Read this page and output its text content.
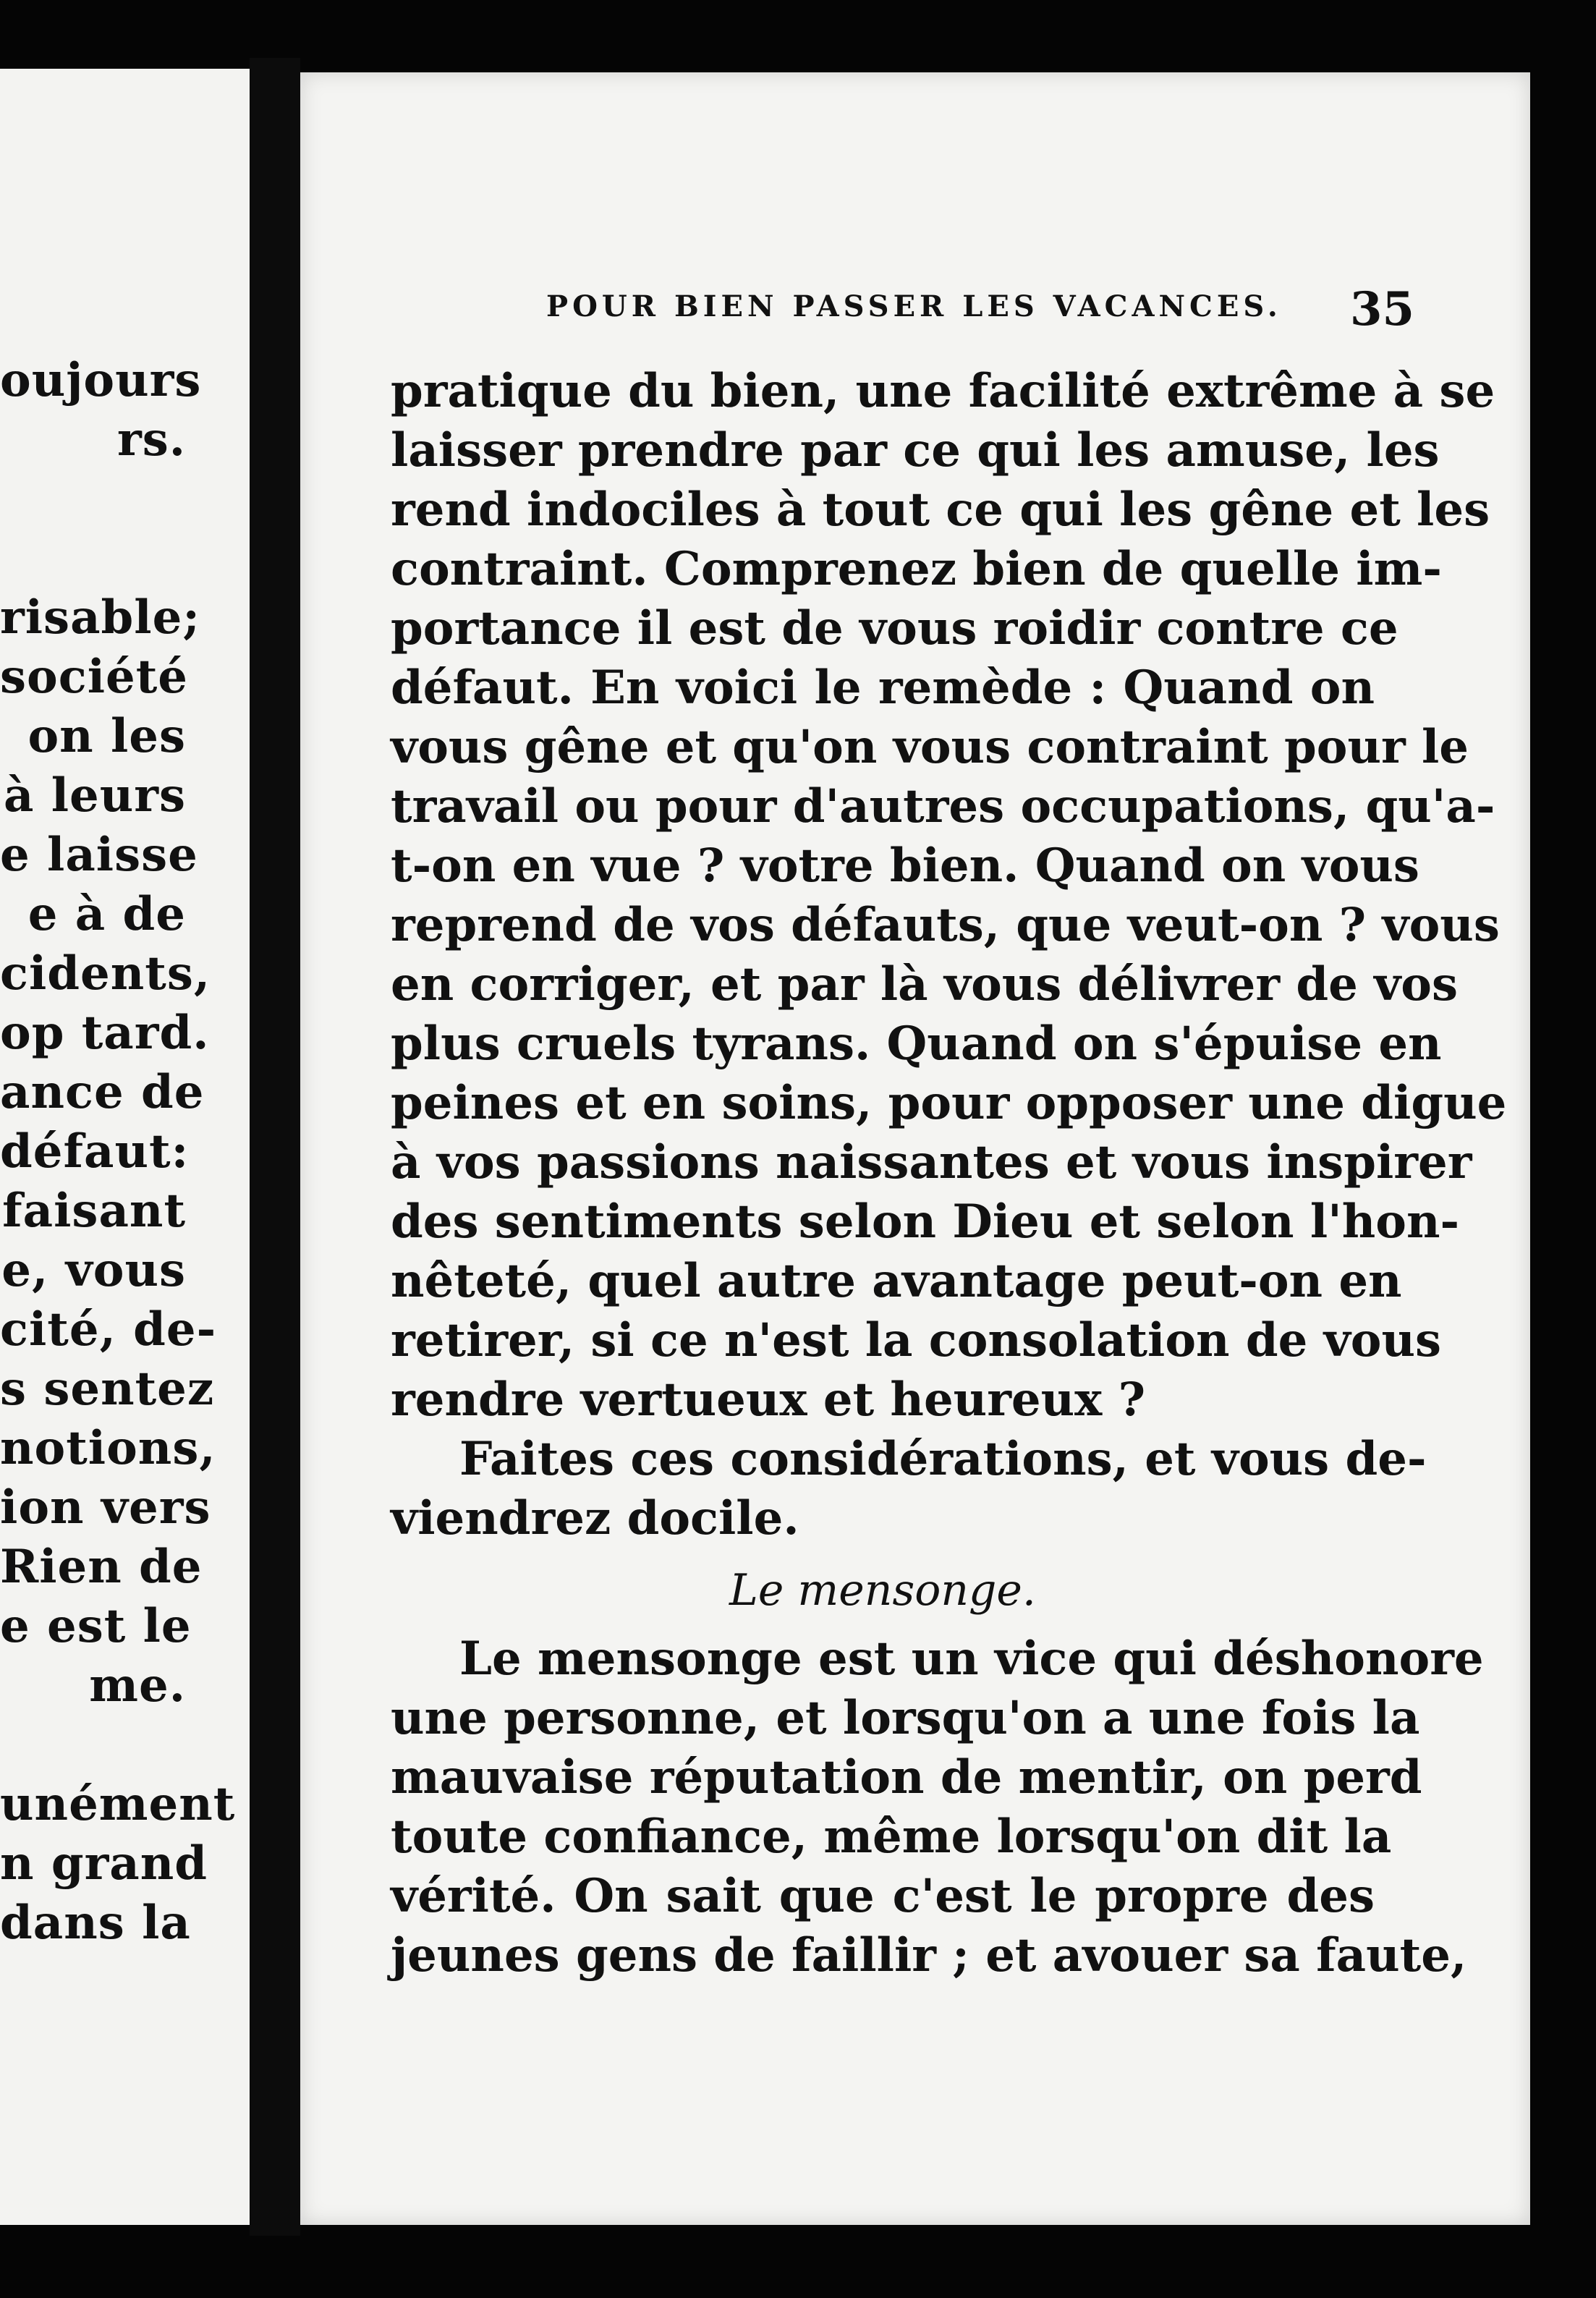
oujours
rs.
risable;
société
on les
à leurs
e laisse
e à de
cidents,
op tard.
ance de
défaut:
faisant
e, vous
cité, de-
s sentez
notions,
ion vers
Rien de
e est le
me.
unément
n grand
dans la
POUR BIEN PASSER LES VACANCES. 35
pratique du bien, une facilité extrême à se
laisser prendre par ce qui les amuse, les
rend indociles à tout ce qui les gêne et les
contraint. Comprenez bien de quelle im-
portance il est de vous roidir contre ce
défaut. En voici le remède : Quand on
vous gêne et qu'on vous contraint pour le
travail ou pour d'autres occupations, qu'a-
t-on en vue ? votre bien. Quand on vous
reprend de vos défauts, que veut-on ? vous
en corriger, et par là vous délivrer de vos
plus cruels tyrans. Quand on s'épuise en
peines et en soins, pour opposer une digue
à vos passions naissantes et vous inspirer
des sentiments selon Dieu et selon l'hon-
nêteté, quel autre avantage peut-on en
retirer, si ce n'est la consolation de vous
rendre vertueux et heureux ?
Faites ces considérations, et vous de-
viendrez docile.
Le mensonge.
Le mensonge est un vice qui déshonore
une personne, et lorsqu'on a une fois la
mauvaise réputation de mentir, on perd
toute confiance, même lorsqu'on dit la
vérité. On sait que c'est le propre des
jeunes gens de faillir ; et avouer sa faute,
